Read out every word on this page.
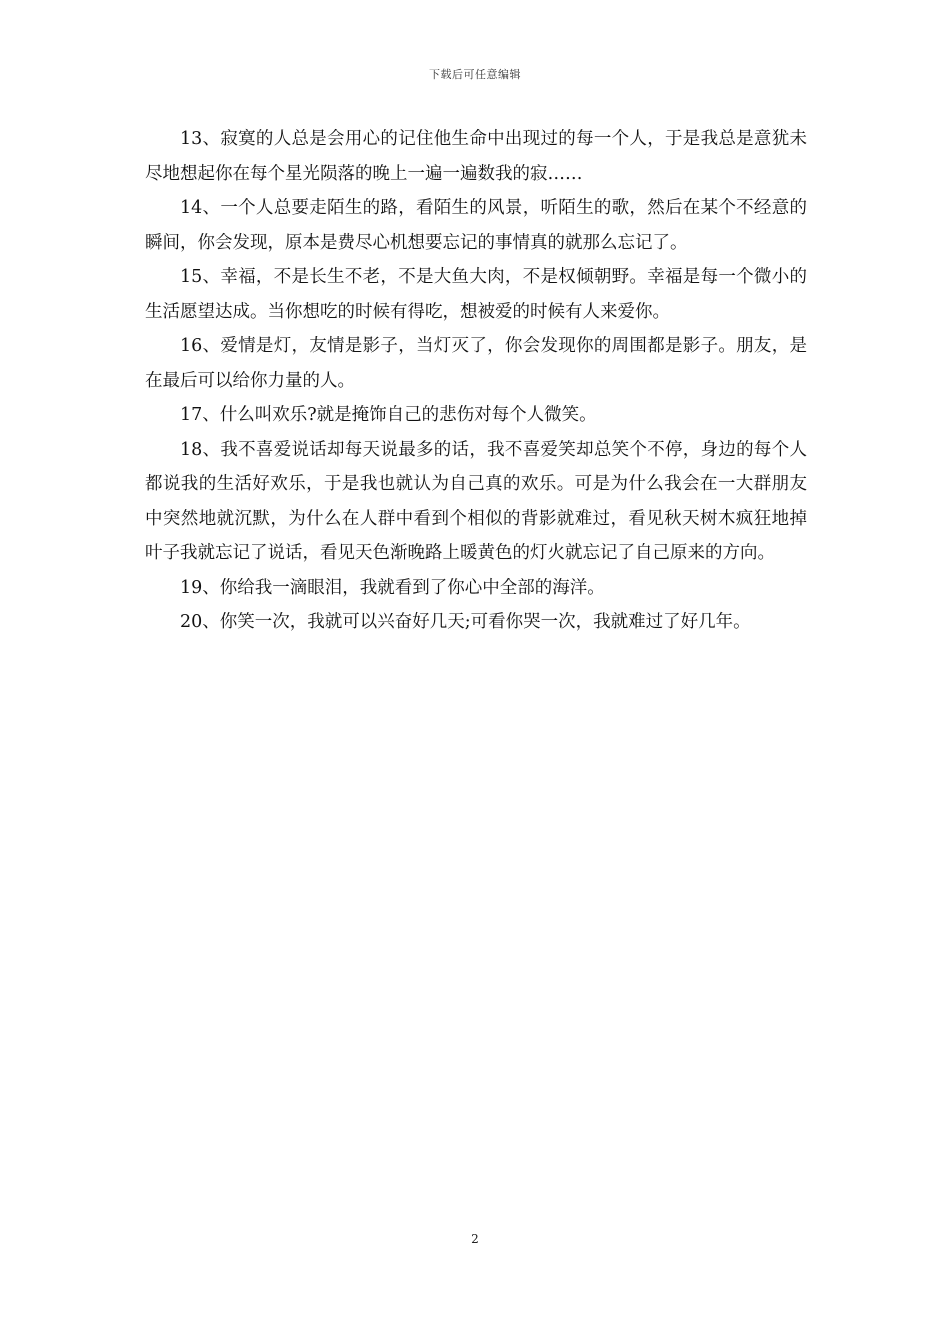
下载后可任意编辑

13、寂寞的人总是会用心的记住他生命中出现过的每一个人，于是我总是意犹未尽地想起你在每个星光陨落的晚上一遍一遍数我的寂……

14、一个人总要走陌生的路，看陌生的风景，听陌生的歌，然后在某个不经意的瞬间，你会发现，原本是费尽心机想要忘记的事情真的就那么忘记了。

15、幸福，不是长生不老，不是大鱼大肉，不是权倾朝野。幸福是每一个微小的生活愿望达成。当你想吃的时候有得吃，想被爱的时候有人来爱你。

16、爱情是灯，友情是影子，当灯灭了，你会发现你的周围都是影子。朋友，是在最后可以给你力量的人。

17、什么叫欢乐?就是掩饰自己的悲伤对每个人微笑。

18、我不喜爱说话却每天说最多的话，我不喜爱笑却总笑个不停，身边的每个人都说我的生活好欢乐，于是我也就认为自己真的欢乐。可是为什么我会在一大群朋友中突然地就沉默，为什么在人群中看到个相似的背影就难过，看见秋天树木疯狂地掉叶子我就忘记了说话，看见天色渐晚路上暖黄色的灯火就忘记了自己原来的方向。

19、你给我一滴眼泪，我就看到了你心中全部的海洋。

20、你笑一次，我就可以兴奋好几天;可看你哭一次，我就难过了好几年。

2
